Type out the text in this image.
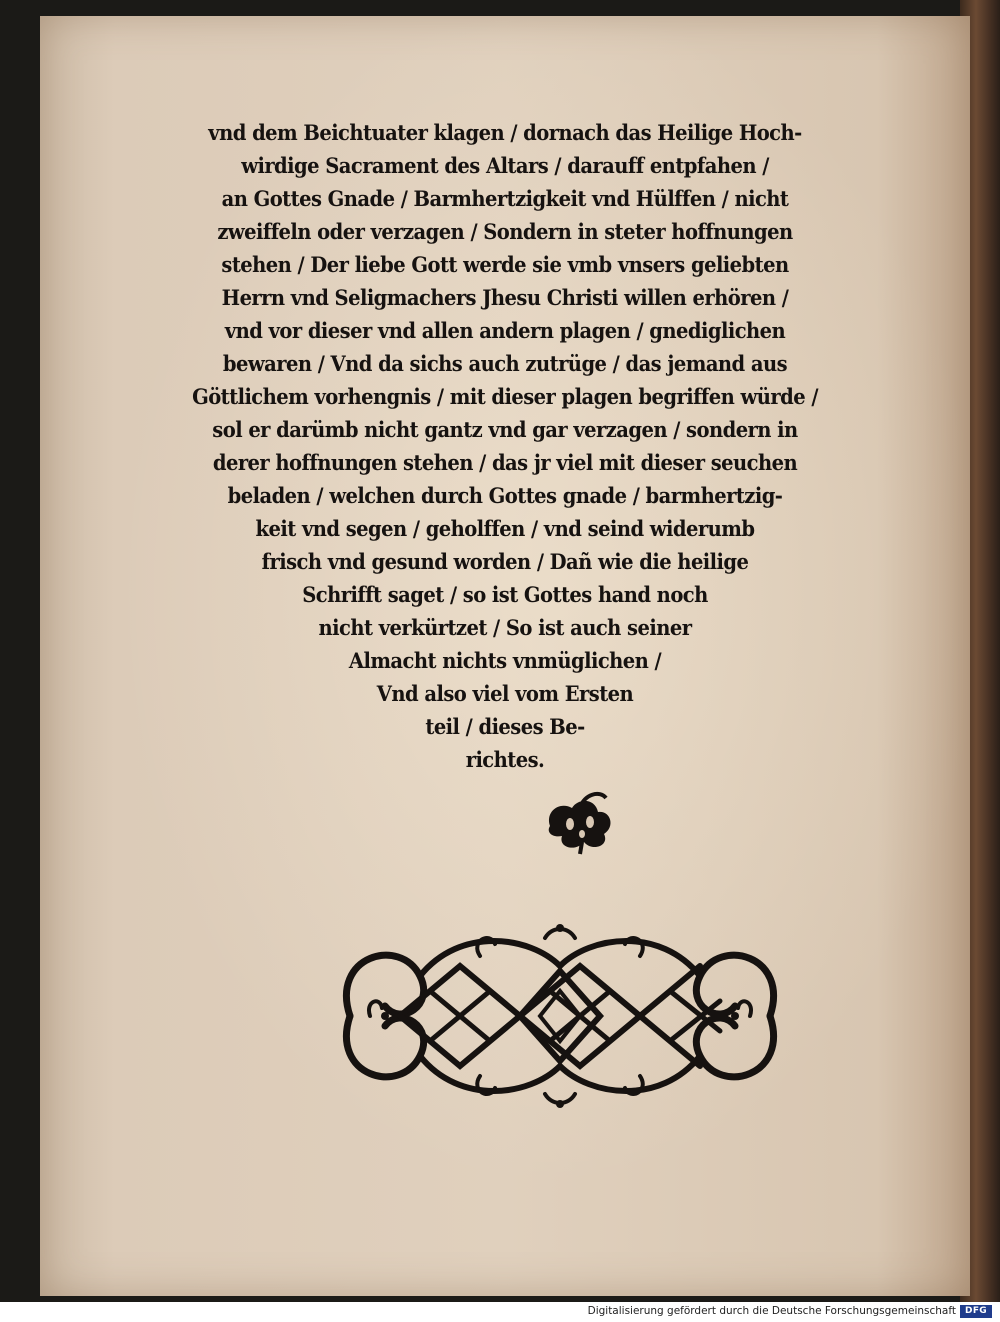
vnd dem Beichtuater klagen / dornach das Heilige Hoch-
wirdige Sacrament des Altars / darauff entpfahen /
an Gottes Gnade / Barmhertzigkeit vnd Hülffen / nicht
zweiffeln oder verzagen / Sondern in steter hoffnungen
stehen / Der liebe Gott werde sie vmb vnsers geliebten
Herrn vnd Seligmachers Jhesu Christi willen erhören /
vnd vor dieser vnd allen andern plagen / gnediglichen
bewaren / Vnd da sichs auch zutrüge / das jemand aus
Göttlichem vorhengnis / mit dieser plagen begriffen würde /
sol er darümb nicht gantz vnd gar verzagen / sondern in
derer hoffnungen stehen / das jr viel mit dieser seuchen
beladen / welchen durch Gottes gnade / barmhertzig-
keit vnd segen / geholffen / vnd seind widerumb
frisch vnd gesund worden / Dañ wie die heilige
Schrifft saget / so ist Gottes hand noch
nicht verkürtzet / So ist auch seiner
Almacht nichts vnmüglichen /
Vnd also viel vom Ersten
teil / dieses Be-
richtes.
Digitalisierung gefördert durch die Deutsche Forschungsgemeinschaft	DFG
